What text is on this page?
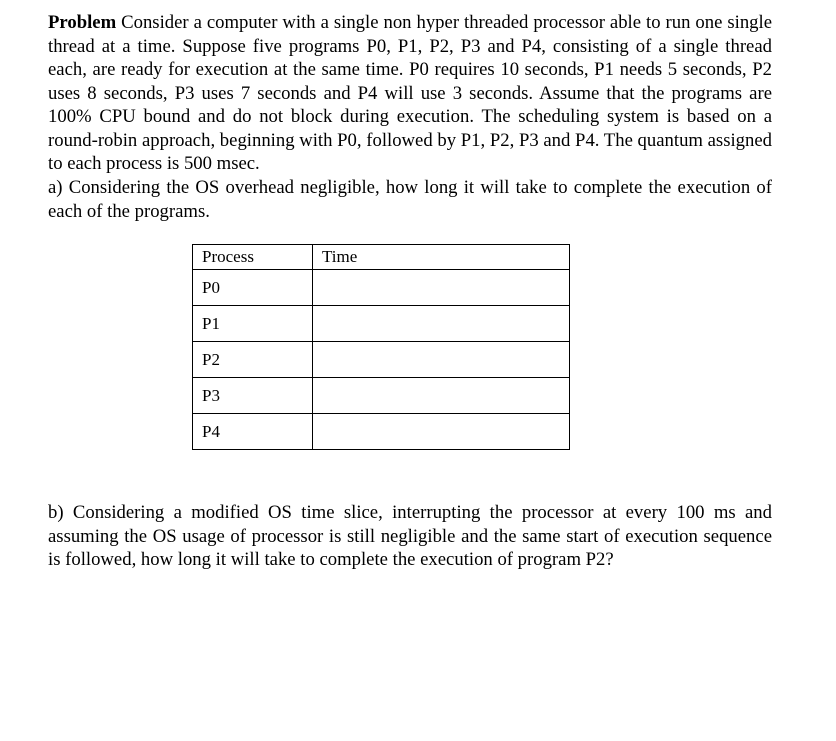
Problem Consider a computer with a single non hyper threaded processor able to run one single thread at a time. Suppose five programs P0, P1, P2, P3 and P4, consisting of a single thread each, are ready for execution at the same time. P0 requires 10 seconds, P1 needs 5 seconds, P2 uses 8 seconds, P3 uses 7 seconds and P4 will use 3 seconds. Assume that the programs are 100% CPU bound and do not block during execution. The scheduling system is based on a round-robin approach, beginning with P0, followed by P1, P2, P3 and P4. The quantum assigned to each process is 500 msec.
a) Considering the OS overhead negligible, how long it will take to complete the execution of each of the programs.
Process	Time
P0	
P1	
P2	
P3	
P4	
b) Considering a modified OS time slice, interrupting the processor at every 100 ms and assuming the OS usage of processor is still negligible and the same start of execution sequence is followed, how long it will take to complete the execution of program P2?
